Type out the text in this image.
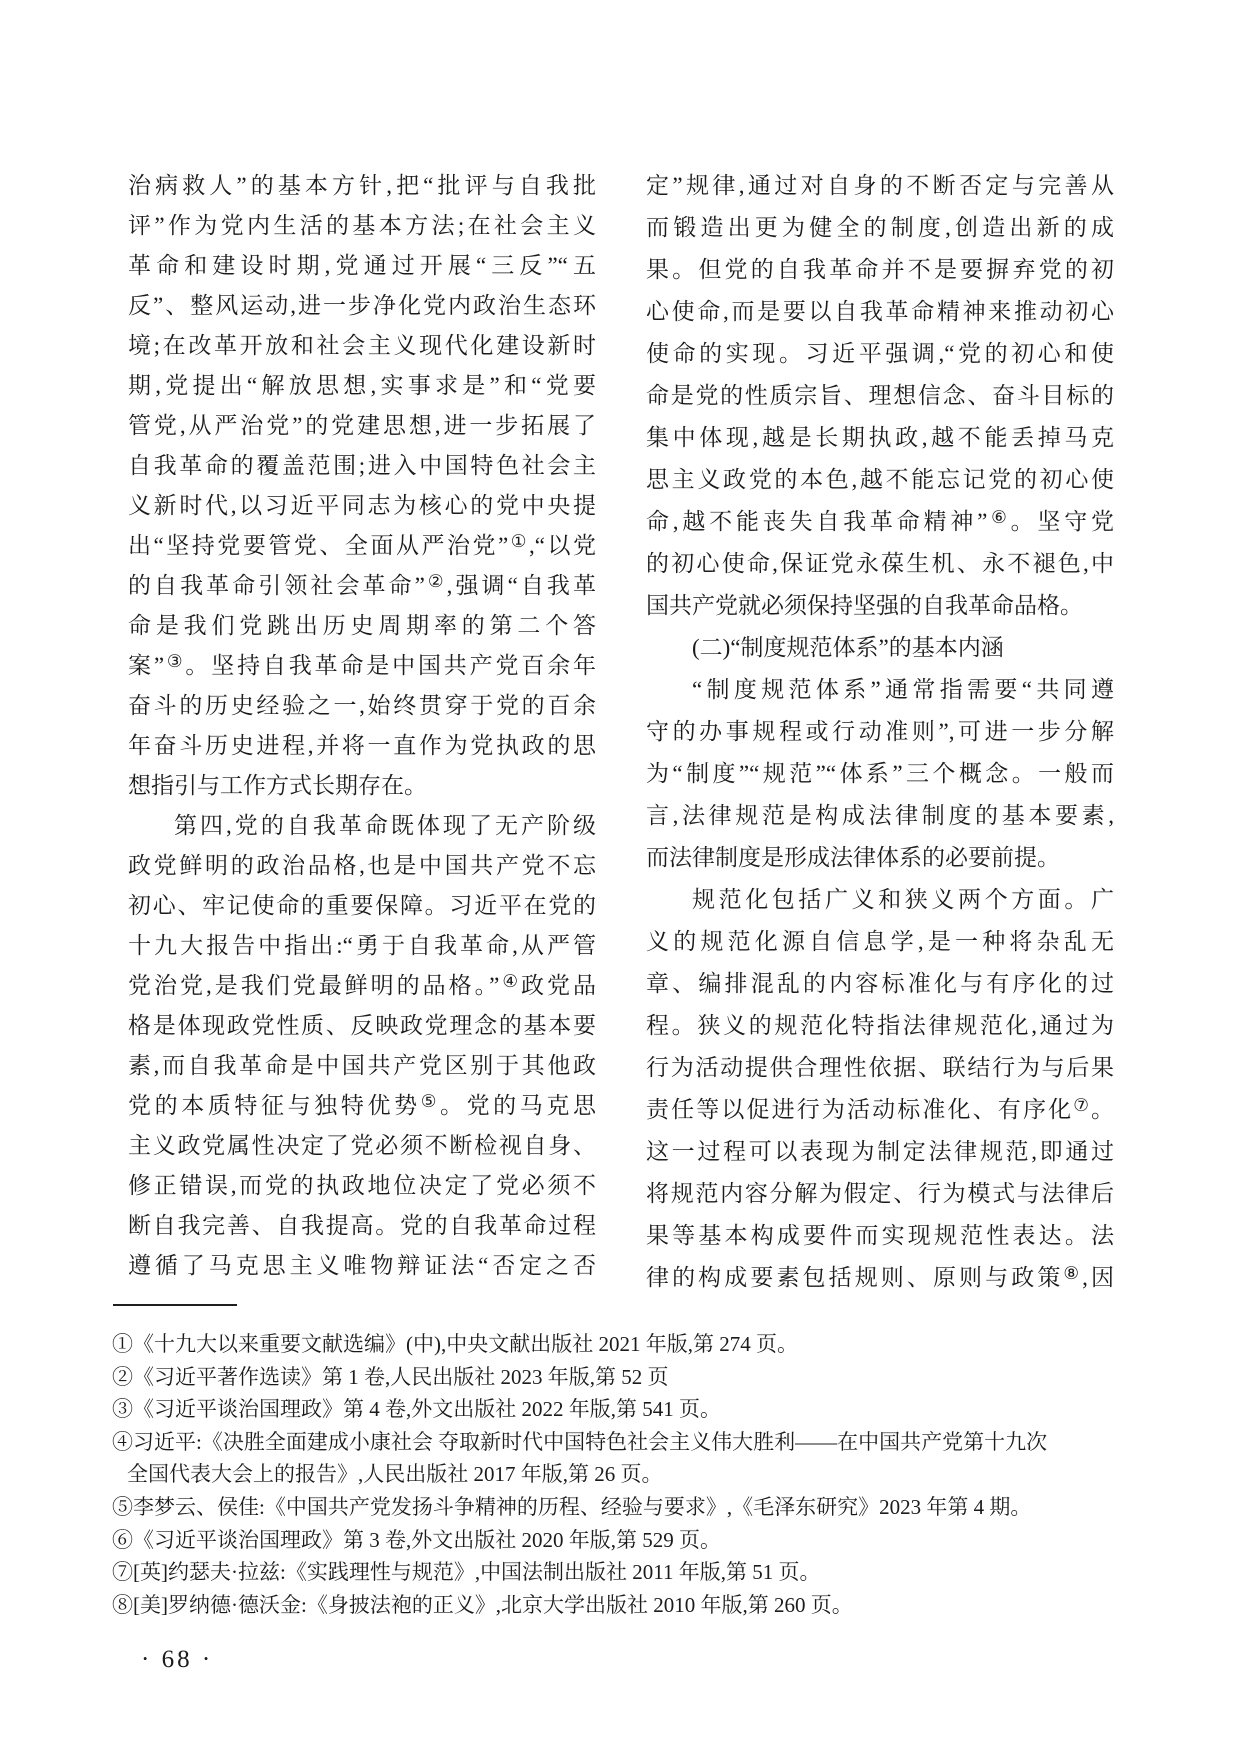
治病救人”的基本方针,把“批评与自我批
评”作为党内生活的基本方法;在社会主义
革命和建设时期,党通过开展“三反”“五
反”、整风运动,进一步净化党内政治生态环
境;在改革开放和社会主义现代化建设新时
期,党提出“解放思想,实事求是”和“党要
管党,从严治党”的党建思想,进一步拓展了
自我革命的覆盖范围;进入中国特色社会主
义新时代,以习近平同志为核心的党中央提
出“坚持党要管党、全面从严治党”①,“以党
的自我革命引领社会革命”②,强调“自我革
命是我们党跳出历史周期率的第二个答
案”③。坚持自我革命是中国共产党百余年
奋斗的历史经验之一,始终贯穿于党的百余
年奋斗历史进程,并将一直作为党执政的思
想指引与工作方式长期存在。
第四,党的自我革命既体现了无产阶级
政党鲜明的政治品格,也是中国共产党不忘
初心、牢记使命的重要保障。习近平在党的
十九大报告中指出:“勇于自我革命,从严管
党治党,是我们党最鲜明的品格。”④政党品
格是体现政党性质、反映政党理念的基本要
素,而自我革命是中国共产党区别于其他政
党的本质特征与独特优势⑤。党的马克思
主义政党属性决定了党必须不断检视自身、
修正错误,而党的执政地位决定了党必须不
断自我完善、自我提高。党的自我革命过程
遵循了马克思主义唯物辩证法“否定之否
定”规律,通过对自身的不断否定与完善从
而锻造出更为健全的制度,创造出新的成
果。但党的自我革命并不是要摒弃党的初
心使命,而是要以自我革命精神来推动初心
使命的实现。习近平强调,“党的初心和使
命是党的性质宗旨、理想信念、奋斗目标的
集中体现,越是长期执政,越不能丢掉马克
思主义政党的本色,越不能忘记党的初心使
命,越不能丧失自我革命精神”⑥。坚守党
的初心使命,保证党永葆生机、永不褪色,中
国共产党就必须保持坚强的自我革命品格。
(二)“制度规范体系”的基本内涵
“制度规范体系”通常指需要“共同遵
守的办事规程或行动准则”,可进一步分解
为“制度”“规范”“体系”三个概念。一般而
言,法律规范是构成法律制度的基本要素,
而法律制度是形成法律体系的必要前提。
规范化包括广义和狭义两个方面。广
义的规范化源自信息学,是一种将杂乱无
章、编排混乱的内容标准化与有序化的过
程。狭义的规范化特指法律规范化,通过为
行为活动提供合理性依据、联结行为与后果
责任等以促进行为活动标准化、有序化⑦。
这一过程可以表现为制定法律规范,即通过
将规范内容分解为假定、行为模式与法律后
果等基本构成要件而实现规范性表达。法
律的构成要素包括规则、原则与政策⑧,因
①《十九大以来重要文献选编》(中),中央文献出版社 2021 年版,第 274 页。
②《习近平著作选读》第 1 卷,人民出版社 2023 年版,第 52 页
③《习近平谈治国理政》第 4 卷,外文出版社 2022 年版,第 541 页。
④习近平:《决胜全面建成小康社会 夺取新时代中国特色社会主义伟大胜利——在中国共产党第十九次
全国代表大会上的报告》,人民出版社 2017 年版,第 26 页。
⑤李梦云、侯佳:《中国共产党发扬斗争精神的历程、经验与要求》,《毛泽东研究》2023 年第 4 期。
⑥《习近平谈治国理政》第 3 卷,外文出版社 2020 年版,第 529 页。
⑦[英]约瑟夫·拉兹:《实践理性与规范》,中国法制出版社 2011 年版,第 51 页。
⑧[美]罗纳德·德沃金:《身披法袍的正义》,北京大学出版社 2010 年版,第 260 页。
· 68 ·
